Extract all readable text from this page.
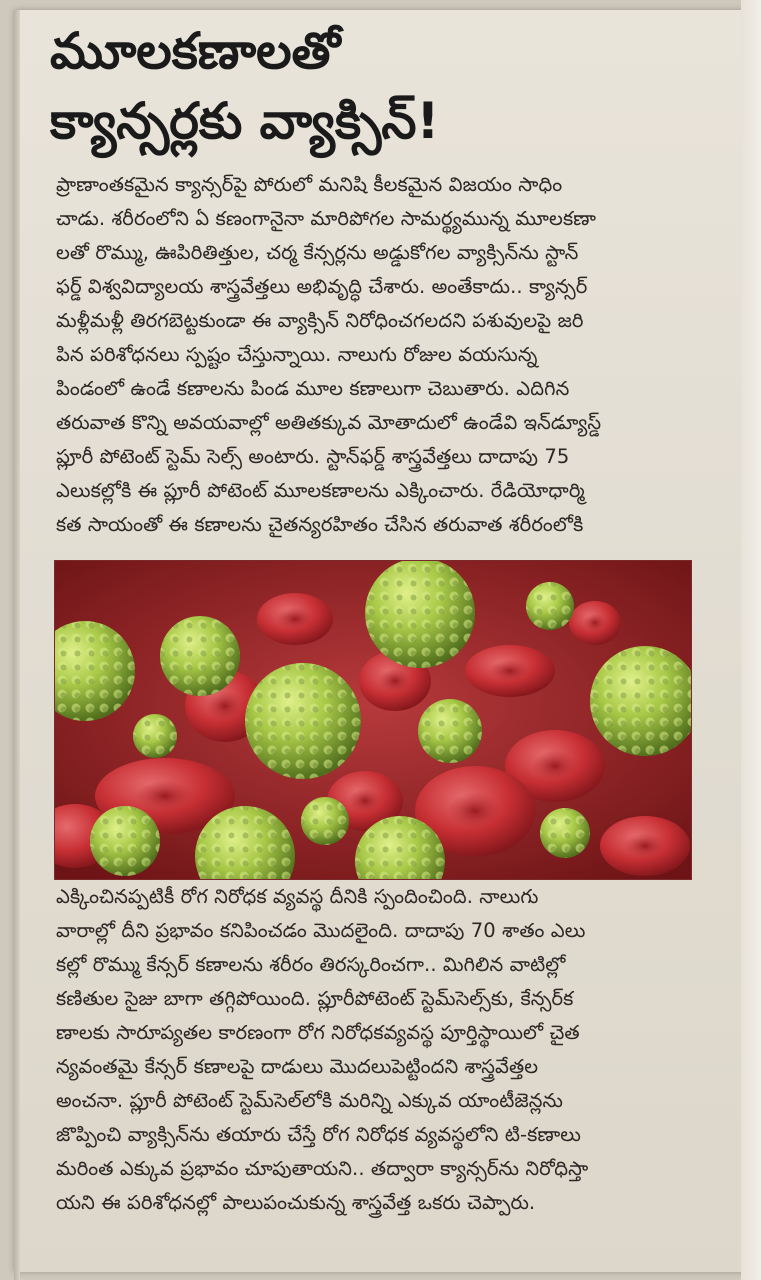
మూలకణాలతో
క్యాన్సర్లకు వ్యాక్సిన్!

ప్రాణాంతకమైన క్యాన్సర్‌పై పోరులో మనిషి కీలకమైన విజయం సాధిం

చాడు. శరీరంలోని ఏ కణంగానైనా మారిపోగల సామర్థ్యమున్న మూలకణా

లతో రొమ్ము, ఊపిరితిత్తుల, చర్మ కేన్సర్లను అడ్డుకోగల వ్యాక్సిన్‌ను స్టాన్

ఫర్డ్ విశ్వవిద్యాలయ శాస్త్రవేత్తలు అభివృద్ధి చేశారు. అంతేకాదు.. క్యాన్సర్

మళ్లీమళ్లీ తిరగబెట్టకుండా ఈ వ్యాక్సిన్ నిరోధించగలదని పశువులపై జరి

పిన పరిశోధనలు స్పష్టం చేస్తున్నాయి. నాలుగు రోజుల వయసున్న

పిండంలో ఉండే కణాలను పిండ మూల కణాలుగా చెబుతారు. ఎదిగిన

తరువాత కొన్ని అవయవాల్లో అతితక్కువ మోతాదులో ఉండేవి ఇన్‌డ్యూస్డ్

ప్లూరీ పోటెంట్ స్టెమ్ సెల్స్ అంటారు. స్టాన్‌ఫర్డ్ శాస్త్రవేత్తలు దాదాపు 75

ఎలుకల్లోకి ఈ ప్లూరీ పోటెంట్ మూలకణాలను ఎక్కించారు. రేడియోధార్మి

కత సాయంతో ఈ కణాలను చైతన్యరహితం చేసిన తరువాత శరీరంలోకి

ఎక్కించినప్పటికీ రోగ నిరోధక వ్యవస్థ దీనికి స్పందించింది. నాలుగు

వారాల్లో దీని ప్రభావం కనిపించడం మొదలైంది. దాదాపు 70 శాతం ఎలు

కల్లో రొమ్ము కేన్సర్ కణాలను శరీరం తిరస్కరించగా.. మిగిలిన వాటిల్లో

కణితుల సైజు బాగా తగ్గిపోయింది. ప్లూరీపోటెంట్ స్టెమ్‌సెల్స్‌కు, కేన్సర్‌క

ణాలకు సారూప్యతల కారణంగా రోగ నిరోధకవ్యవస్థ పూర్తిస్థాయిలో చైత

న్యవంతమై కేన్సర్ కణాలపై దాడులు మొదలుపెట్టిందని శాస్త్రవేత్తల

అంచనా. ప్లూరీ పోటెంట్ స్టెమ్‌సెల్‌లోకి మరిన్ని ఎక్కువ యాంటీజెన్లను

జొప్పించి వ్యాక్సిన్‌ను తయారు చేస్తే రోగ నిరోధక వ్యవస్థలోని టి-కణాలు

మరింత ఎక్కువ ప్రభావం చూపుతాయని.. తద్వారా క్యాన్సర్‌ను నిరోధిస్తా

యని ఈ పరిశోధనల్లో పాలుపంచుకున్న శాస్త్రవేత్త ఒకరు చెప్పారు.
